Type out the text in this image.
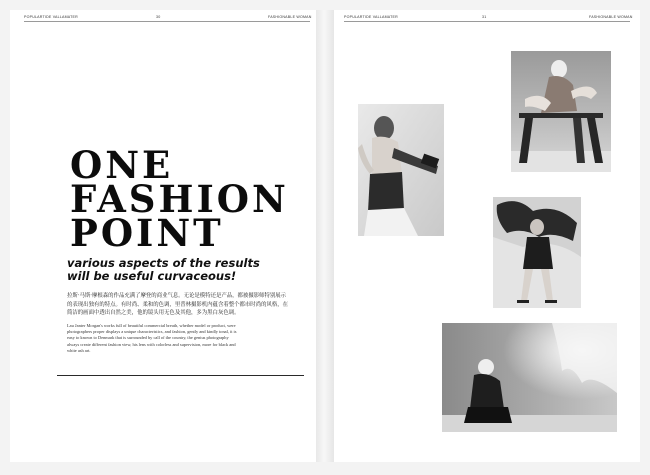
POPULARTIDE VALLAMATER	30	FASHIONABLE WOMAN
ONE
FASHION
POINT
various aspects of the results
will be useful curvaceous!

拉斯·马斯·摩根森的作品充满了摩登的商业气息。无论是模特还是产品，都被摄影师特别展示的表现出独有的特点。有时尚、柔和的色调，里普林摄影机内蕴含着整个都市时尚的风格，在简洁的画面中透出自然之美，他的镜头用无色及其他，多为黑白灰色调。

Lau Janter Morgan's works full of beautiful commercial breath, whether model or product, were photographers proper displays a unique characteristics, and fashion, gently and kindly tonal, it is easy to known to Denmark that is surrounded by call of the country, the genius photography always create different fashion view, his lens with colorless and supervision, more for black and white ash art.

POPULARTIDE VALLAMATER	31	FASHIONABLE WOMAN
